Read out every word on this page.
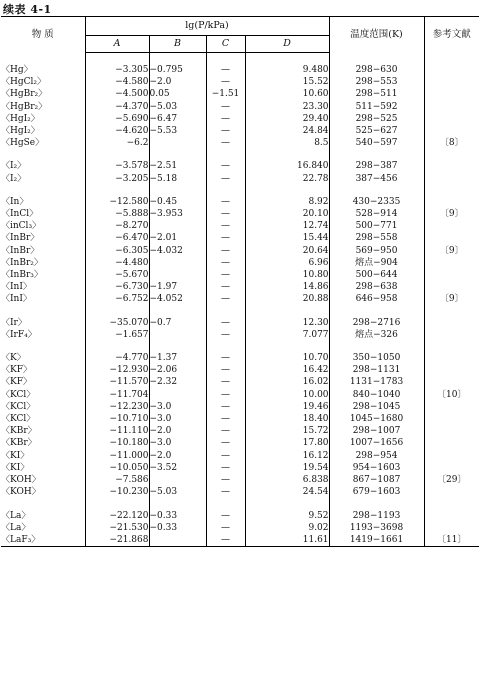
续表 4-1
物 质	lg(P/kPa)				温度范围(K)	参考文献
	A	B	C	D		

〈Hg〉	−3.305	−0.795	—	9.480	298−630	
〈HgCl₂〉	−4.580	−2.0	—	15.52	298−553	
〈HgBr₂〉	−4.500	0.05	−1.51	10.60	298−511	
〈HgBr₂〉	−4.370	−5.03	—	23.30	511−592	
〈HgI₂〉	−5.690	−6.47	—	29.40	298−525	
〈HgI₂〉	−4.620	−5.53	—	24.84	525−627	
〈HgSe〉	−6.2		—	8.5	540−597	〔8〕

〈I₂〉	−3.578	−2.51	—	16.840	298−387	
〈I₂〉	−3.205	−5.18	—	22.78	387−456	

〈In〉	−12.580	−0.45	—	8.92	430−2335	
〈InCl〉	−5.888	−3.953	—	20.10	528−914	〔9〕
〈inCl₃〉	−8.270		—	12.74	500−771	
〈InBr〉	−6.470	−2.01	—	15.44	298−558	
〈InBr〉	−6.305	−4.032	—	20.64	569−950	〔9〕
〈InBr₂〉	−4.480		—	6.96	熔点−904	
〈InBr₃〉	−5.670		—	10.80	500−644	
〈InI〉	−6.730	−1.97	—	14.86	298−638	
〈InI〉	−6.752	−4.052	—	20.88	646−958	〔9〕

〈Ir〉	−35.070	−0.7	—	12.30	298−2716	
〈IrF₄〉	−1.657		—	7.077	熔点−326	

〈K〉	−4.770	−1.37	—	10.70	350−1050	
〈KF〉	−12.930	−2.06	—	16.42	298−1131	
〈KF〉	−11.570	−2.32	—	16.02	1131−1783	
〈KCl〉	−11.704		—	10.00	840−1040	〔10〕
〈KCl〉	−12.230	−3.0	—	19.46	298−1045	
〈KCl〉	−10.710	−3.0	—	18.40	1045−1680	
〈KBr〉	−11.110	−2.0	—	15.72	298−1007	
〈KBr〉	−10.180	−3.0	—	17.80	1007−1656	
〈KI〉	−11.000	−2.0	—	16.12	298−954	
〈KI〉	−10.050	−3.52	—	19.54	954−1603	
〈KOH〉	−7.586		—	6.838	867−1087	〔29〕
〈KOH〉	−10.230	−5.03	—	24.54	679−1603	

〈La〉	−22.120	−0.33	—	9.52	298−1193	
〈La〉	−21.530	−0.33	—	9.02	1193−3698	
〈LaF₃〉	−21.868		—	11.61	1419−1661	〔11〕
